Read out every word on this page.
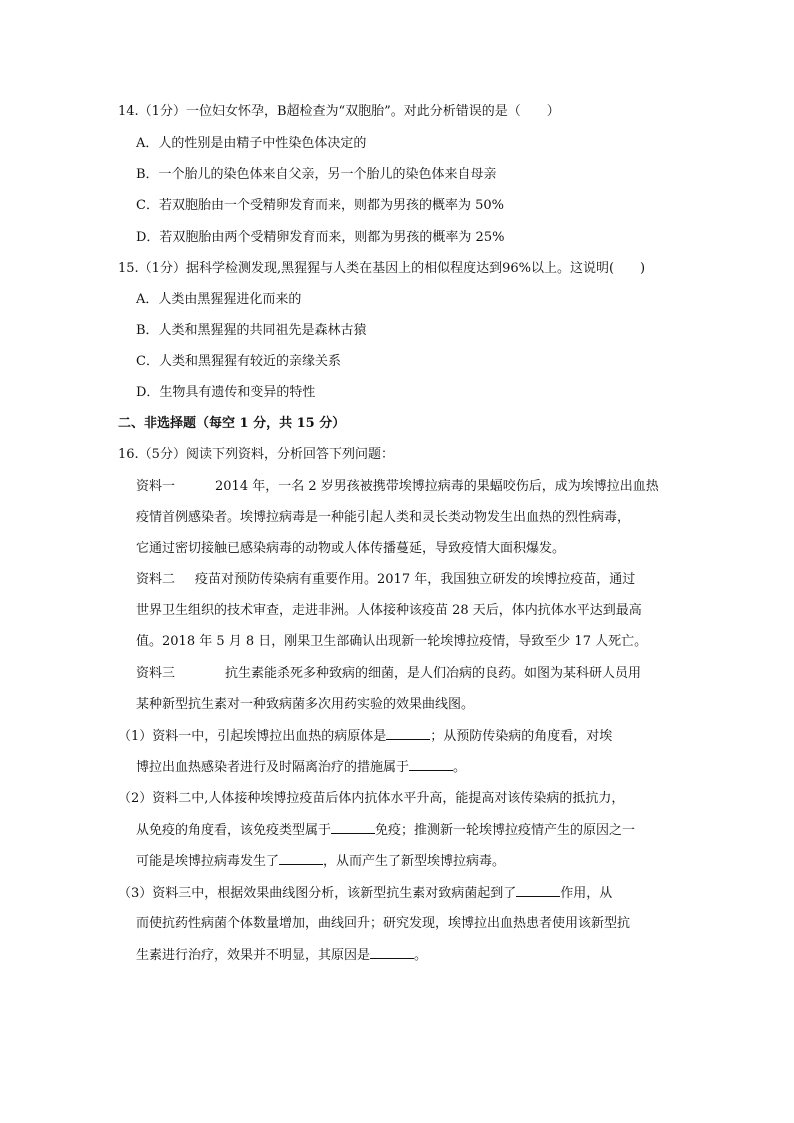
14.（1分）一位妇女怀孕，B超检查为“双胞胎”。对此分析错误的是（　　）
A．人的性别是由精子中性染色体决定的
B．一个胎儿的染色体来自父亲，另一个胎儿的染色体来自母亲
C．若双胞胎由一个受精卵发育而来，则都为男孩的概率为 50%
D．若双胞胎由两个受精卵发育而来，则都为男孩的概率为 25%
15.（1分）据科学检测发现,黑猩猩与人类在基因上的相似程度达到96%以上。这说明(　　)
A．人类由黑猩猩进化而来的
B．人类和黑猩猩的共同祖先是森林古猿
C．人类和黑猩猩有较近的亲缘关系
D．生物具有遗传和变异的特性
二、非选择题（每空 1 分，共 15 分）
16.（5分）阅读下列资料，分析回答下列问题：
资料一	2014 年，一名 2 岁男孩被携带埃博拉病毒的果蝠咬伤后，成为埃博拉出血热
疫情首例感染者。埃博拉病毒是一种能引起人类和灵长类动物发生出血热的烈性病毒，
它通过密切接触已感染病毒的动物或人体传播蔓延，导致疫情大面积爆发。
资料二 疫苗对预防传染病有重要作用。2017 年，我国独立研发的埃博拉疫苗，通过
世界卫生组织的技术审查，走进非洲。人体接种该疫苗 28 天后，体内抗体水平达到最高
值。2018 年 5 月 8 日，刚果卫生部确认出现新一轮埃博拉疫情，导致至少 17 人死亡。
资料三	抗生素能杀死多种致病的细菌，是人们冶病的良药。如图为某科研人员用
某种新型抗生素对一种致病菌多次用药实验的效果曲线图。
（1）资料一中，引起埃博拉出血热的病原体是	；从预防传染病的角度看，对埃
博拉出血热感染者进行及时隔离治疗的措施属于	。
（2）资料二中,人体接种埃博拉疫苗后体内抗体水平升高，能提高对该传染病的抵抗力，
从免疫的角度看，该免疫类型属于	免疫；推测新一轮埃博拉疫情产生的原因之一
可能是埃博拉病毒发生了	，从而产生了新型埃博拉病毒。
（3）资料三中，根据效果曲线图分析，该新型抗生素对致病菌起到了	作用，从
而使抗药性病菌个体数量增加，曲线回升；研究发现，埃博拉出血热患者使用该新型抗
生素进行治疗，效果并不明显，其原因是	。
